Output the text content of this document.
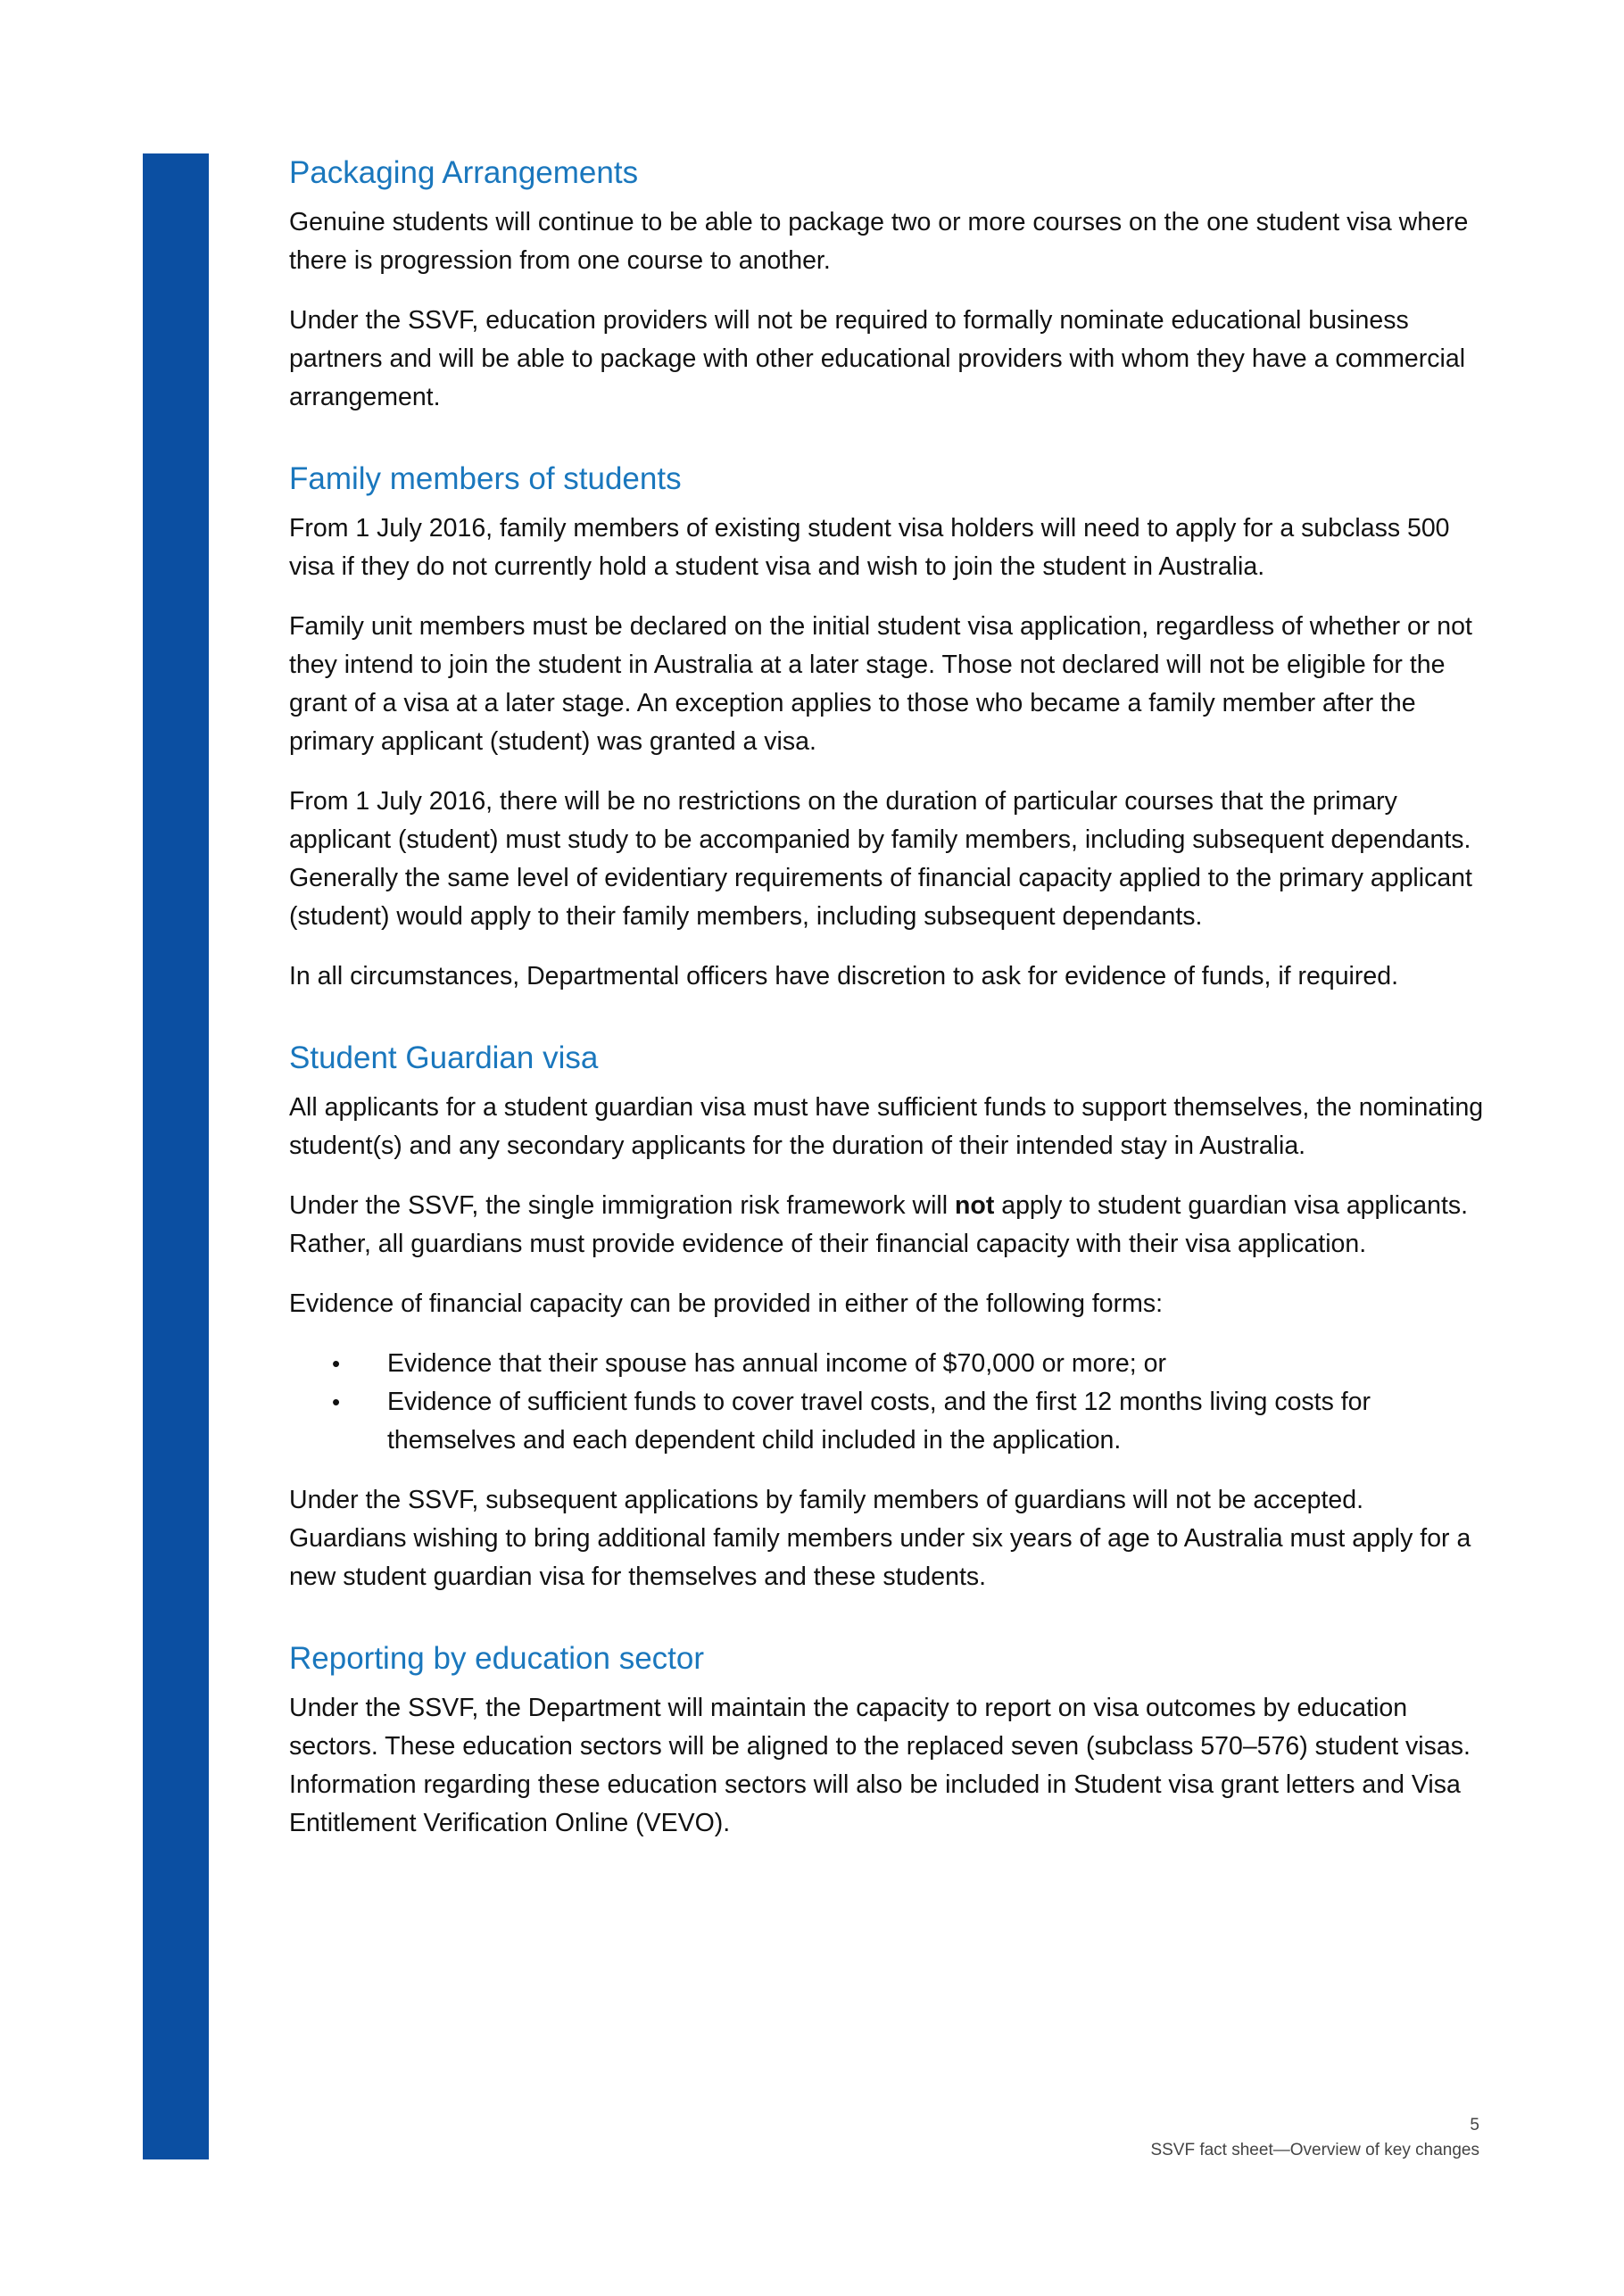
Packaging Arrangements

Genuine students will continue to be able to package two or more courses on the one student visa where there is progression from one course to another.

Under the SSVF, education providers will not be required to formally nominate educational business partners and will be able to package with other educational providers with whom they have a commercial arrangement.

Family members of students

From 1 July 2016, family members of existing student visa holders will need to apply for a subclass 500 visa if they do not currently hold a student visa and wish to join the student in Australia.

Family unit members must be declared on the initial student visa application, regardless of whether or not they intend to join the student in Australia at a later stage. Those not declared will not be eligible for the grant of a visa at a later stage. An exception applies to those who became a family member after the primary applicant (student) was granted a visa.

From 1 July 2016, there will be no restrictions on the duration of particular courses that the primary applicant (student) must study to be accompanied by family members, including subsequent dependants. Generally the same level of evidentiary requirements of financial capacity applied to the primary applicant (student) would apply to their family members, including subsequent dependants.

In all circumstances, Departmental officers have discretion to ask for evidence of funds, if required.

Student Guardian visa

All applicants for a student guardian visa must have sufficient funds to support themselves, the nominating student(s) and any secondary applicants for the duration of their intended stay in Australia.

Under the SSVF, the single immigration risk framework will not apply to student guardian visa applicants. Rather, all guardians must provide evidence of their financial capacity with their visa application.

Evidence of financial capacity can be provided in either of the following forms:

• Evidence that their spouse has annual income of $70,000 or more; or
• Evidence of sufficient funds to cover travel costs, and the first 12 months living costs for themselves and each dependent child included in the application.

Under the SSVF, subsequent applications by family members of guardians will not be accepted. Guardians wishing to bring additional family members under six years of age to Australia must apply for a new student guardian visa for themselves and these students.

Reporting by education sector

Under the SSVF, the Department will maintain the capacity to report on visa outcomes by education sectors. These education sectors will be aligned to the replaced seven (subclass 570–576) student visas. Information regarding these education sectors will also be included in Student visa grant letters and Visa Entitlement Verification Online (VEVO).

5
SSVF fact sheet—Overview of key changes
